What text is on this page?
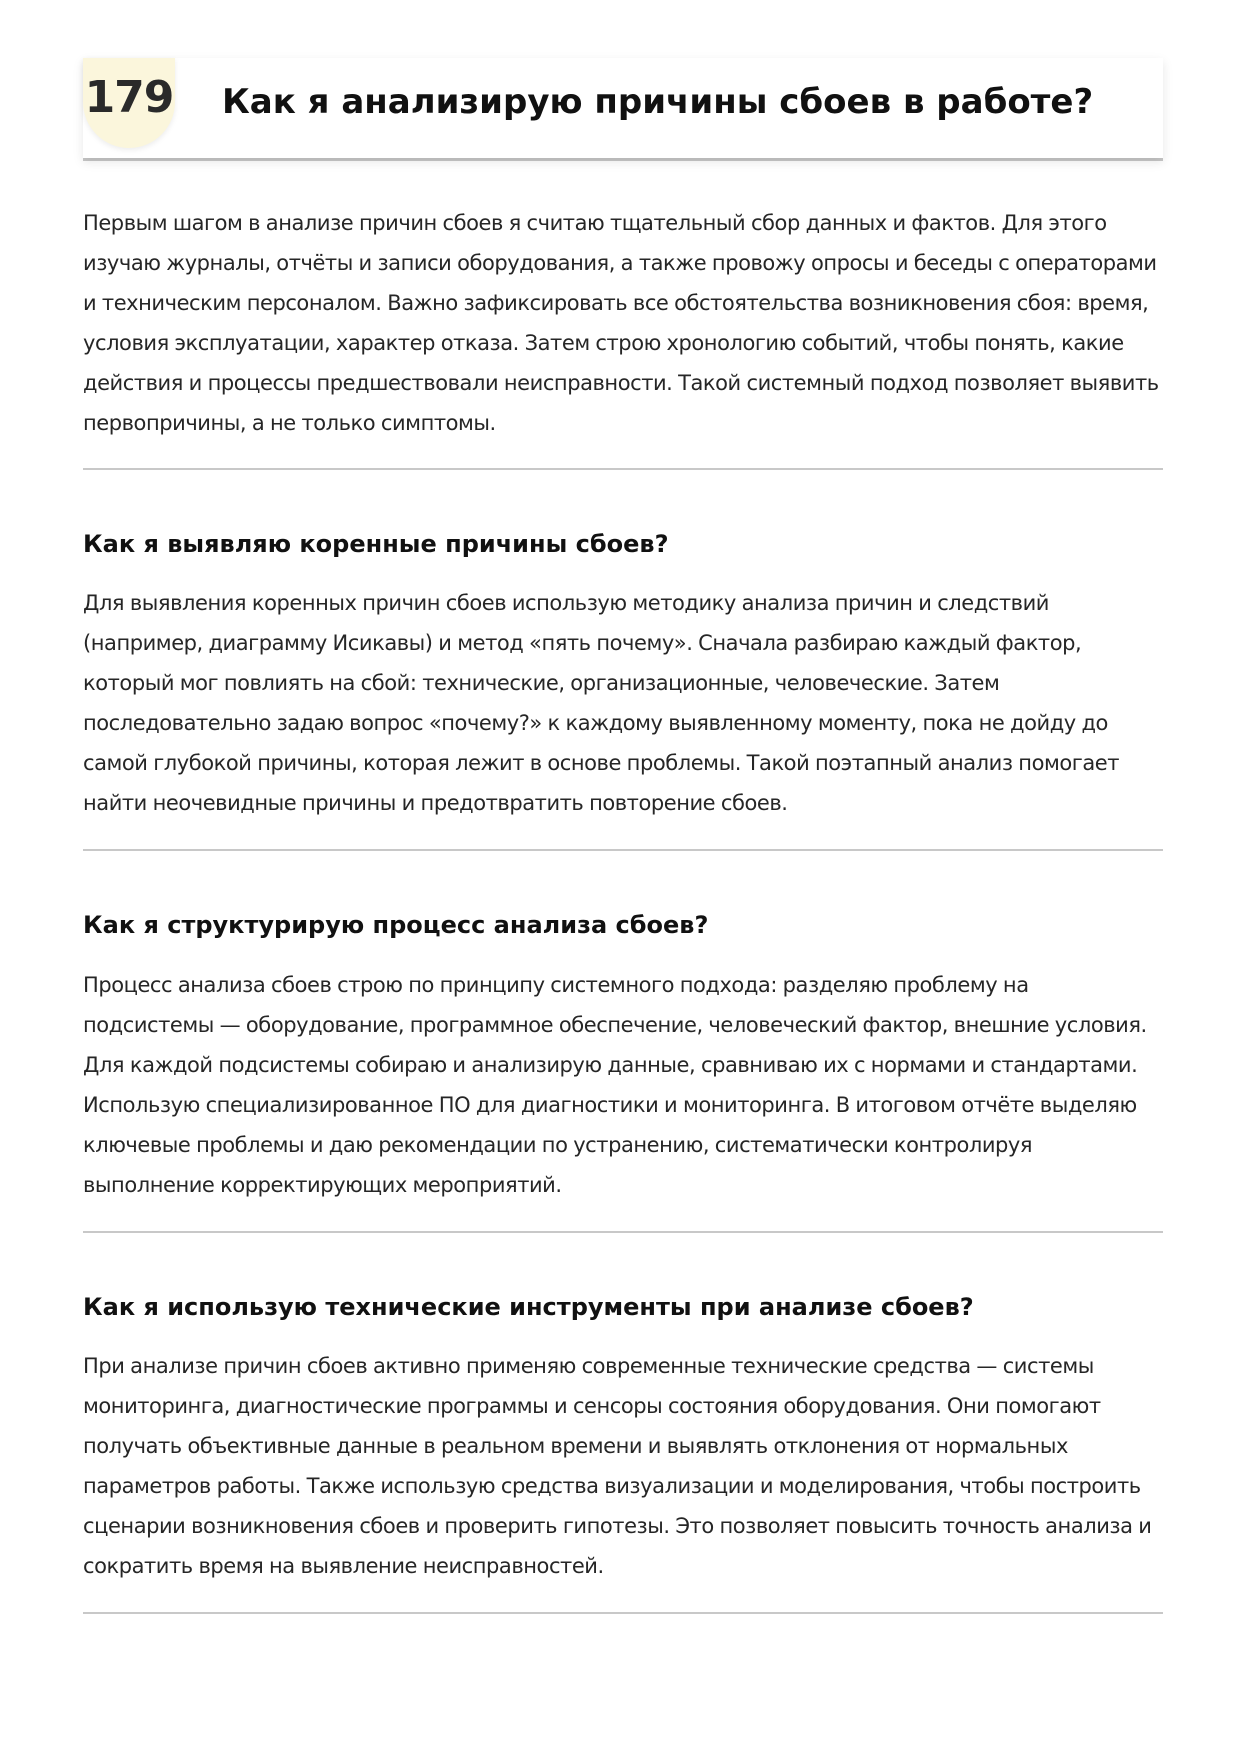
179 Как я анализирую причины сбоев в работе?

Первым шагом в анализе причин сбоев я считаю тщательный сбор данных и фактов. Для этого изучаю журналы, отчёты и записи оборудования, а также провожу опросы и беседы с операторами и техническим персоналом. Важно зафиксировать все обстоятельства возникновения сбоя: время, условия эксплуатации, характер отказа. Затем строю хронологию событий, чтобы понять, какие действия и процессы предшествовали неисправности. Такой системный подход позволяет выявить первопричины, а не только симптомы.

Как я выявляю коренные причины сбоев?

Для выявления коренных причин сбоев использую методику анализа причин и следствий (например, диаграмму Исикавы) и метод «пять почему». Сначала разбираю каждый фактор, который мог повлиять на сбой: технические, организационные, человеческие. Затем последовательно задаю вопрос «почему?» к каждому выявленному моменту, пока не дойду до самой глубокой причины, которая лежит в основе проблемы. Такой поэтапный анализ помогает найти неочевидные причины и предотвратить повторение сбоев.

Как я структурирую процесс анализа сбоев?

Процесс анализа сбоев строю по принципу системного подхода: разделяю проблему на подсистемы — оборудование, программное обеспечение, человеческий фактор, внешние условия. Для каждой подсистемы собираю и анализирую данные, сравниваю их с нормами и стандартами. Использую специализированное ПО для диагностики и мониторинга. В итоговом отчёте выделяю ключевые проблемы и даю рекомендации по устранению, систематически контролируя выполнение корректирующих мероприятий.

Как я использую технические инструменты при анализе сбоев?

При анализе причин сбоев активно применяю современные технические средства — системы мониторинга, диагностические программы и сенсоры состояния оборудования. Они помогают получать объективные данные в реальном времени и выявлять отклонения от нормальных параметров работы. Также использую средства визуализации и моделирования, чтобы построить сценарии возникновения сбоев и проверить гипотезы. Это позволяет повысить точность анализа и сократить время на выявление неисправностей.
